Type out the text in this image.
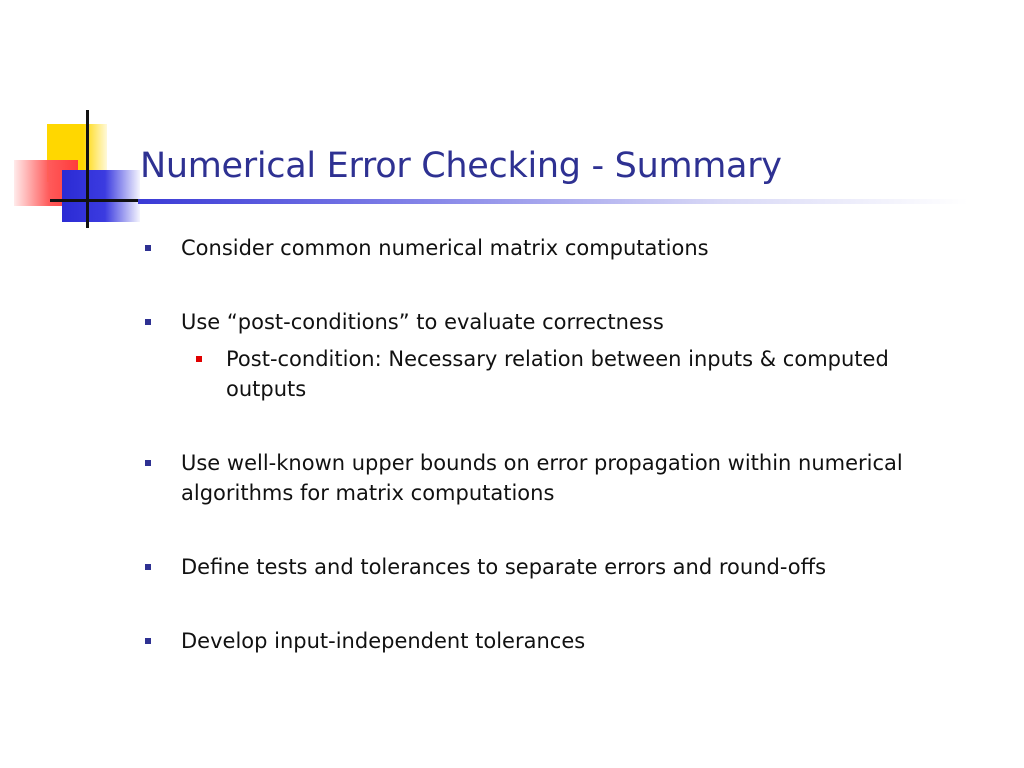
Numerical Error Checking - Summary
Consider common numerical matrix computations
Use “post-conditions” to evaluate correctness
Post-condition: Necessary relation between inputs & computed outputs
Use well-known upper bounds on error propagation within numerical algorithms for matrix computations
Define tests and tolerances to separate errors and round-offs
Develop input-independent tolerances
